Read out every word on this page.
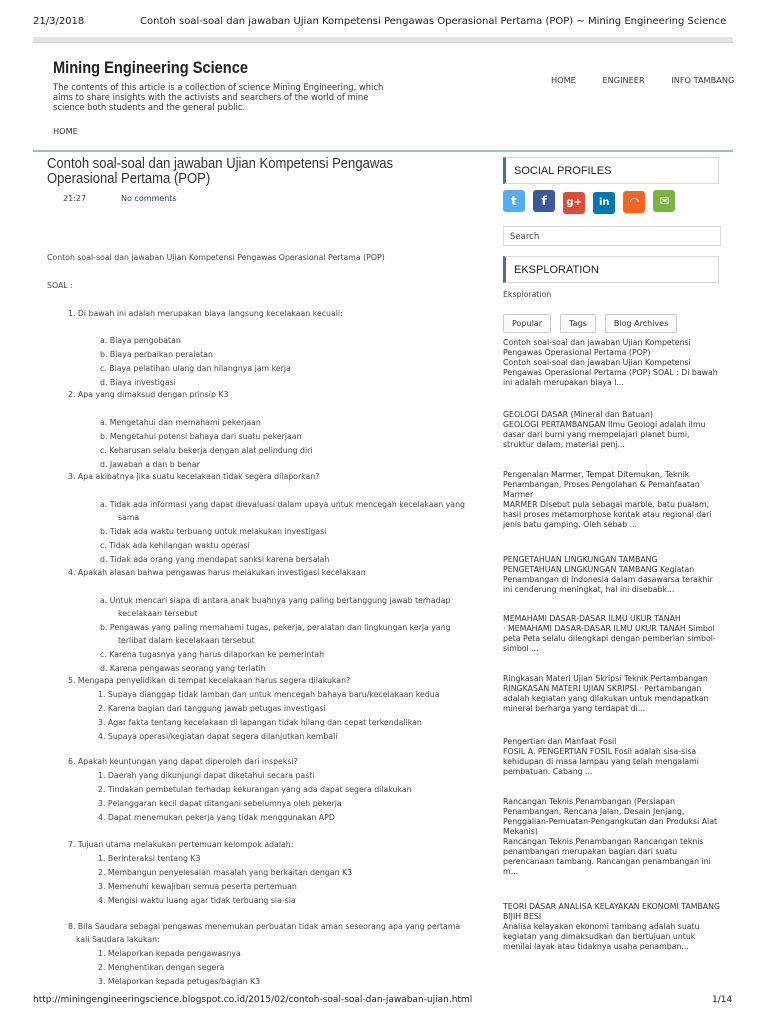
21/3/2018	Contoh soal-soal dan jawaban Ujian Kompetensi Pengawas Operasional Pertama (POP) ~ Mining Engineering Science
Mining Engineering Science
The contents of this article is a collection of science Mining Engineering, which aims to share insights with the activists and searchers of the world of mine science both students and the general public.
HOME	ENGINEER	INFO TAMBANG
HOME
Contoh soal-soal dan jawaban Ujian Kompetensi Pengawas Operasional Pertama (POP)
21:27	No comments
Contoh soal-soal dan jawaban Ujian Kompetensi Pengawas Operasional Pertama (POP)
SOAL :
1. Di bawah ini adalah merupakan biaya langsung kecelakaan kecuali:
a. Biaya pengobatan
b. Biaya perbaikan peralatan
c. Biaya pelatihan ulang dan hilangnya jam kerja
d. Biaya investigasi
2. Apa yang dimaksud dengan prinsip K3
a. Mengetahui dan memahami pekerjaan
b. Mengetahui potensi bahaya dari suatu pekerjaan
c. Keharusan selalu bekerja dengan alat pelindung diri
d. Jawaban a dan b benar
3. Apa akibatnya jika suatu kecelakaan tidak segera dilaporkan?
a. Tidak ada informasi yang dapat dievaluasi dalam upaya untuk mencegah kecelakaan yang
sama
b. Tidak ada waktu terbuang untuk melakukan investigasi
c. Tidak ada kehilangan waktu operasi
d. Tidak ada orang yang mendapat sanksi karena bersalah
4. Apakah alasan bahwa pengawas harus melakukan investigasi kecelakaan
a. Untuk mencari siapa di antara anak buahnya yang paling bertanggung jawab terhadap
kecelakaan tersebut
b. Pengawas yang paling memahami tugas, pekerja, peralatan dan lingkungan kerja yang
terlibat dalam kecelakaan tersebut
c. Karena tugasnya yang harus dilaporkan ke pemerintah
d. Karena pengawas seorang yang terlatih
5. Mengapa penyelidikan di tempat kecelakaan harus segera dilakukan?
1. Supaya dianggap tidak lamban dan untuk mencegah bahaya baru/kecelakaan kedua
2. Karena bagian dari tanggung jawab petugas investigasi
3. Agar fakta tentang kecelakaan di lapangan tidak hilang dan cepat terkendalikan
4. Supaya operasi/kegiatan dapat segera dilanjutkan kembali
6. Apakah keuntungan yang dapat diperoleh dari inspeksi?
1. Daerah yang dikunjungi dapat diketahui secara pasti
2. Tindakan pembetulan terhadap kekurangan yang ada dapat segera dilakukan
3. Pelanggaran kecil dapat ditangani sebelumnya oleh pekerja
4. Dapat menemukan pekerja yang tidak menggunakan APD
7. Tujuan utama melakukan pertemuan kelompok adalah:
1. Berinteraksi tentang K3
2. Membangun penyelesaian masalah yang berkaitan dengan K3
3. Memenuhi kewajiban semua peserta pertemuan
4. Mengisi waktu luang agar tidak terbuang sia-sia
8. Bila Saudara sebagai pengawas menemukan perbuatan tidak aman seseorang apa yang pertama
kali Saudara lakukan:
1. Melaporkan kepada pengawasnya
2. Menghentikan dengan segera
3. Melaporkan kepada petugas/bagian K3
SOCIAL PROFILES
t f g+ in ◠ ✉
Search
EKSPLORATION
Eksploration
Popular	Tags	Blog Archives
Contoh soal-soal dan jawaban Ujian Kompetensi Pengawas Operasional Pertama (POP)
Contoh soal-soal dan jawaban Ujian Kompetensi Pengawas Operasional Pertama (POP) SOAL : Di bawah ini adalah merupakan biaya l...
GEOLOGI DASAR (Mineral dan Batuan)
GEOLOGI PERTAMBANGAN Ilmu Geologi adalah ilmu dasar dari bumi yang mempelajari planet bumi, struktur dalam, material penj...
Pengenalan Marmer, Tempat Ditemukan, Teknik Penambangan, Proses Pengolahan & Pemanfaatan Marmer
MARMER Disebut pula sebagai marble, batu pualam, hasil proses metamorphose kontak atau regional dari jenis batu gamping. Oleh sebab ...
PENGETAHUAN LINGKUNGAN TAMBANG
PENGETAHUAN LINGKUNGAN TAMBANG Kegiatan Penambangan di Indonesia dalam dasawarsa terakhir ini cenderung meningkat, hal ini disebabk...
MEMAHAMI DASAR-DASAR ILMU UKUR TANAH
· MEMAHAMI DASAR-DASAR ILMU UKUR TANAH Simbol peta Peta selalu dilengkapi dengan pemberian simbol-simbol ...
Ringkasan Materi Ujian Skripsi Teknik Pertambangan
RINGKASAN MATERI UJIAN SKRIPSI · Pertambangan adalah kegiatan yang dilakukan untuk mendapatkan mineral berharga yang terdapat di...
Pengertian dan Manfaat Fosil
FOSIL A. PENGERTIAN FOSIL Fosil adalah sisa-sisa kehidupan di masa lampau yang telah mengalami pembatuan. Cabang ...
Rancangan Teknis Penambangan (Persiapan Penambangan, Rencana Jalan, Desain Jenjang, Penggalian-Pemuatan-Pengangkutan dan Produksi Alat Mekanis)
Rancangan Teknis Penambangan Rancangan teknis penambangan merupakan bagian dari suatu perencanaan tambang. Rancangan penambangan ini m...
TEORI DASAR ANALISA KELAYAKAN EKONOMI TAMBANG BIJIH BESI
Analisa kelayakan ekonomi tambang adalah suatu kegiatan yang dimaksudkan dan bertujuan untuk menilai layak atau tidaknya usaha penamban...
http://miningengineeringscience.blogspot.co.id/2015/02/contoh-soal-soal-dan-jawaban-ujian.html	1/14
